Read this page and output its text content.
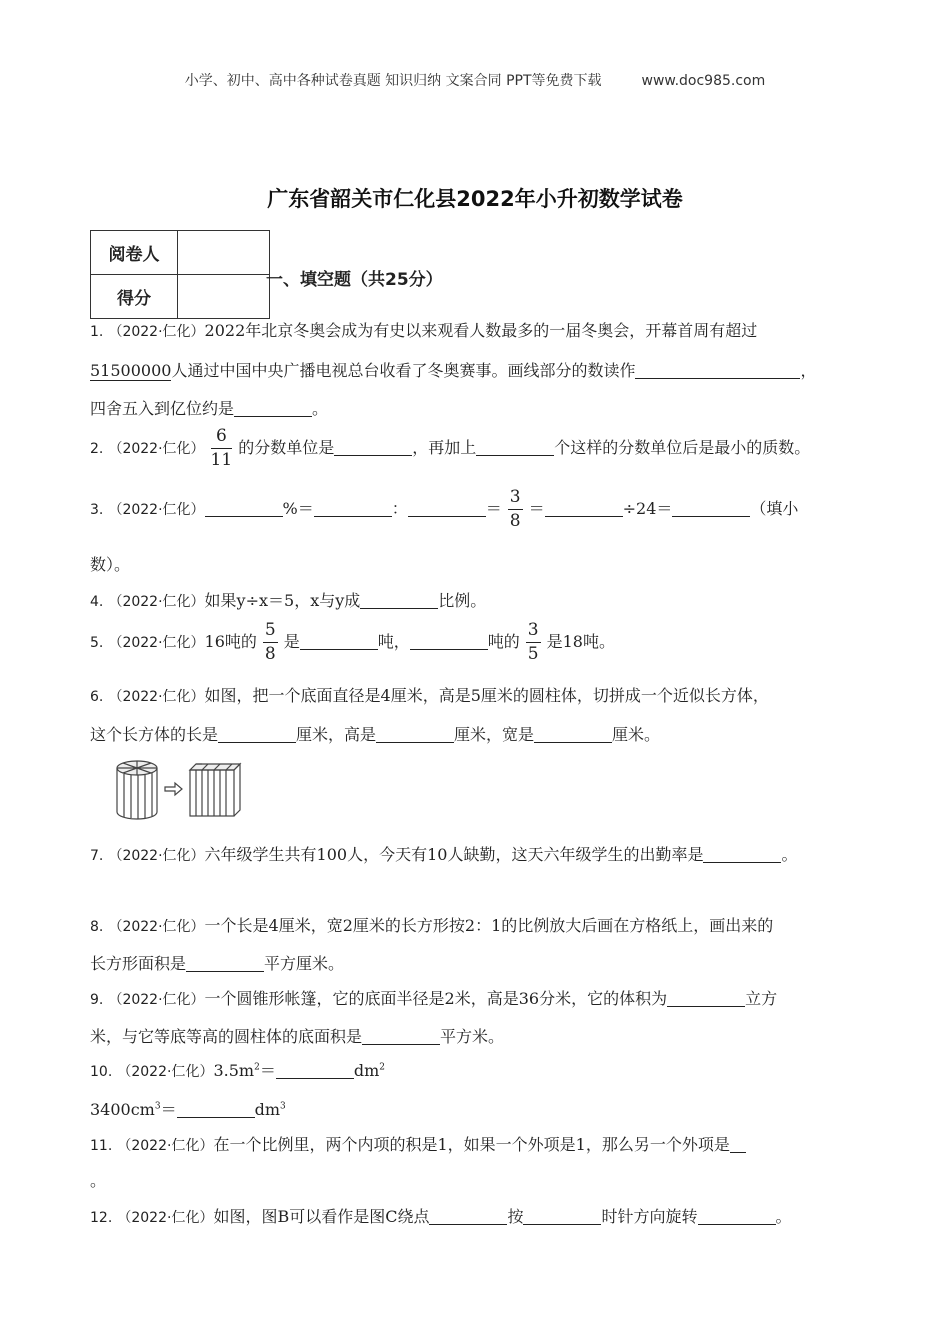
小学、初中、高中各种试卷真题 知识归纳 文案合同 PPT等免费下载	www.doc985.com
广东省韶关市仁化县2022年小升初数学试卷
阅卷人	
得分	
一、填空题（共25分）
1. （2022·仁化）2022年北京冬奥会成为有史以来观看人数最多的一届冬奥会，开幕首周有超过
51500000人通过中国中央广播电视总台收看了冬奥赛事。画线部分的数读作	，
四舍五入到亿位约是	。
2. （2022·仁化） $\frac{6}{11}$ 的分数单位是	，再加上	个这样的分数单位后是最小的质数。
3. （2022·仁化）	%＝	：	＝ $\frac{3}{8}$ ＝	÷24＝	（填小
数）。
4. （2022·仁化）如果y÷x＝5，x与y成	比例。
5. （2022·仁化）16吨的 $\frac{5}{8}$ 是	吨，	吨的 $\frac{3}{5}$ 是18吨。
6. （2022·仁化）如图，把一个底面直径是4厘米，高是5厘米的圆柱体，切拼成一个近似长方体，
这个长方体的长是	厘米，高是	厘米，宽是	厘米。
7. （2022·仁化）六年级学生共有100人，今天有10人缺勤，这天六年级学生的出勤率是	。
8. （2022·仁化）一个长是4厘米，宽2厘米的长方形按2：1的比例放大后画在方格纸上，画出来的
长方形面积是	平方厘米。
9. （2022·仁化）一个圆锥形帐篷，它的底面半径是2米，高是36分米，它的体积为	立方
米，与它等底等高的圆柱体的底面积是	平方米。
10. （2022·仁化）$3.5m^2=$	$dm^2$
$3400cm^3=$	$dm^3$
11. （2022·仁化）在一个比例里，两个内项的积是1，如果一个外项是1，那么另一个外项是
。
12. （2022·仁化）如图，图B可以看作是图C绕点	按	时针方向旋转	。
